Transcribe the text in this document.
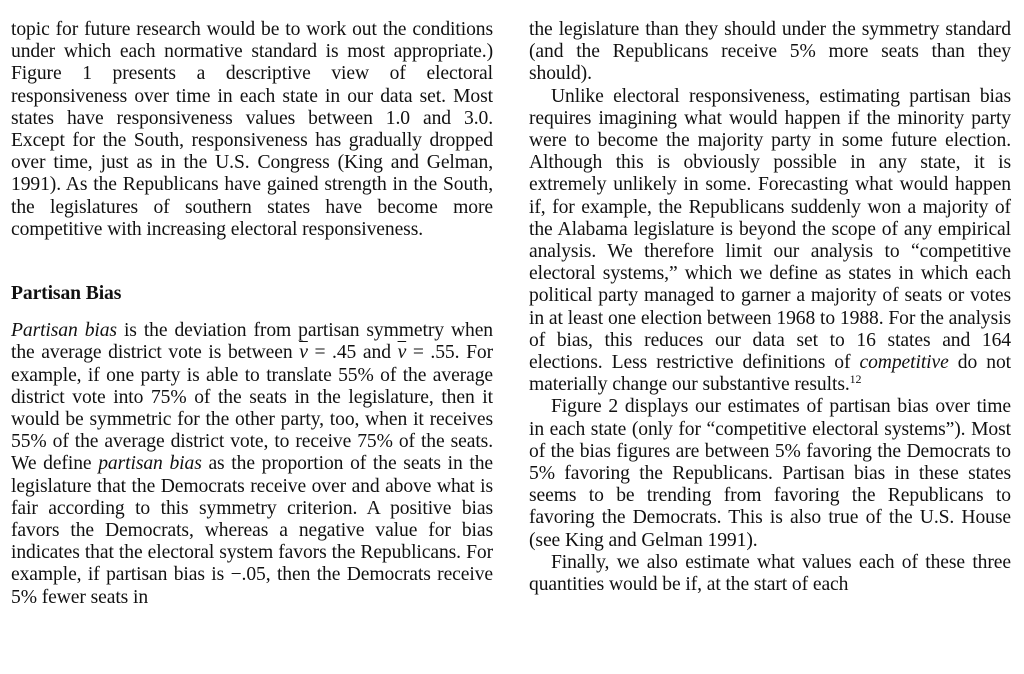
topic for future research would be to work out the conditions under which each normative standard is most appropriate.) Figure 1 presents a descriptive view of electoral responsiveness over time in each state in our data set. Most states have responsiveness values between 1.0 and 3.0. Except for the South, responsiveness has gradually dropped over time, just as in the U.S. Congress (King and Gelman, 1991). As the Republicans have gained strength in the South, the legislatures of southern states have become more competitive with increasing electoral responsiveness.

Partisan Bias

Partisan bias is the deviation from partisan symmetry when the average district vote is between $\overline{v} = .45$ and $\overline{v} = .55$. For example, if one party is able to translate 55% of the average district vote into 75% of the seats in the legislature, then it would be symmetric for the other party, too, when it receives 55% of the average district vote, to receive 75% of the seats. We define partisan bias as the proportion of the seats in the legislature that the Democrats receive over and above what is fair according to this symmetry criterion. A positive bias favors the Democrats, whereas a negative value for bias indicates that the electoral system favors the Republicans. For example, if partisan bias is −.05, then the Democrats receive 5% fewer seats in

the legislature than they should under the symmetry standard (and the Republicans receive 5% more seats than they should).

Unlike electoral responsiveness, estimating partisan bias requires imagining what would happen if the minority party were to become the majority party in some future election. Although this is obviously possible in any state, it is extremely unlikely in some. Forecasting what would happen if, for example, the Republicans suddenly won a majority of the Alabama legislature is beyond the scope of any empirical analysis. We therefore limit our analysis to “competitive electoral systems,” which we define as states in which each political party managed to garner a majority of seats or votes in at least one election between 1968 to 1988. For the analysis of bias, this reduces our data set to 16 states and 164 elections. Less restrictive definitions of competitive do not materially change our substantive results.$^{12}$

Figure 2 displays our estimates of partisan bias over time in each state (only for “competitive electoral systems”). Most of the bias figures are between 5% favoring the Democrats to 5% favoring the Republicans. Partisan bias in these states seems to be trending from favoring the Republicans to favoring the Democrats. This is also true of the U.S. House (see King and Gelman 1991).

Finally, we also estimate what values each of these three quantities would be if, at the start of each
